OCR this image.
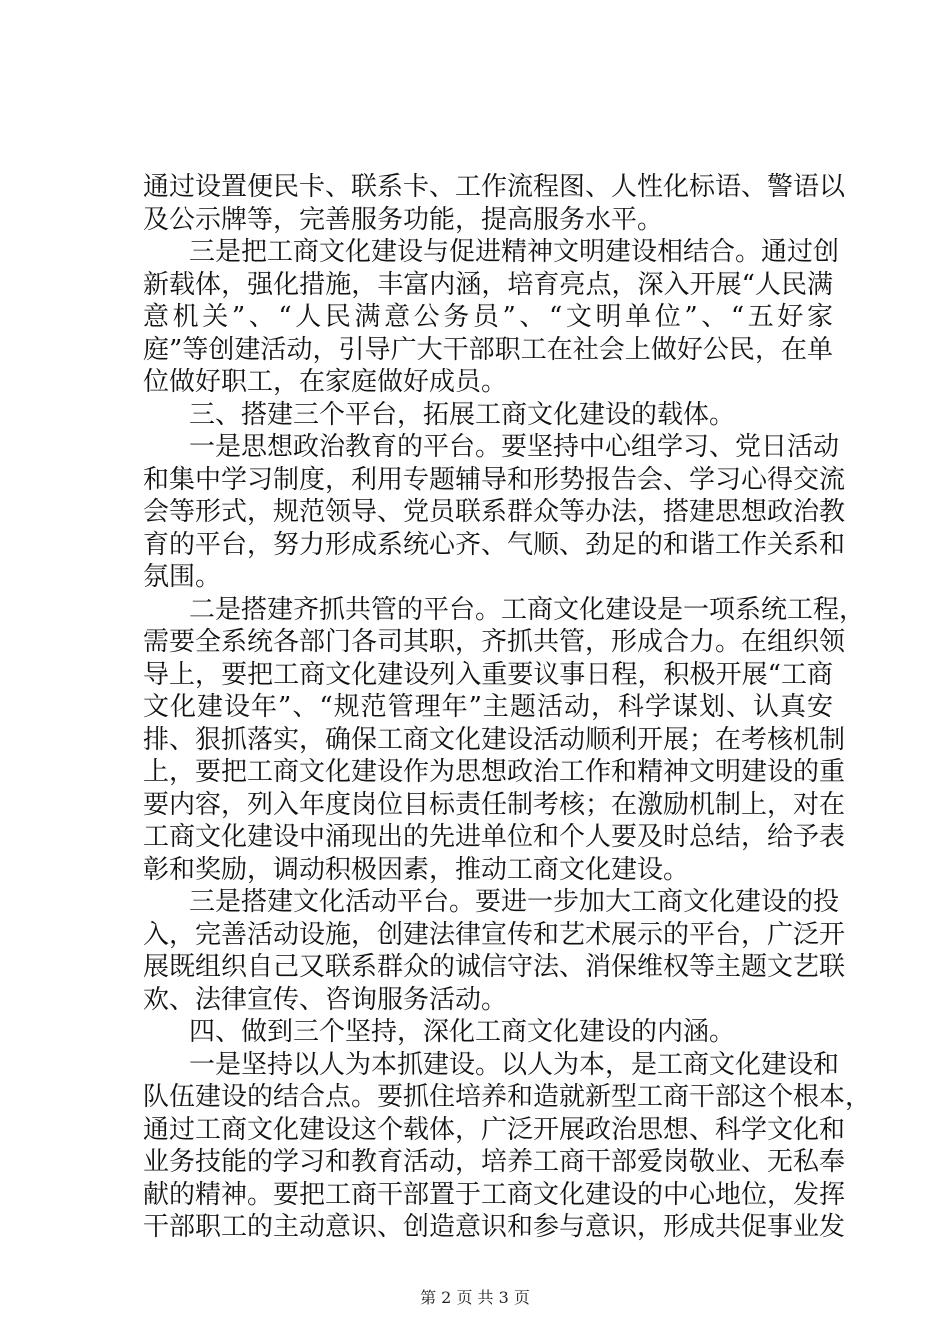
通过设置便民卡、联系卡、工作流程图、人性化标语、警语以
及公示牌等，完善服务功能，提高服务水平。
三是把工商文化建设与促进精神文明建设相结合。通过创
新载体，强化措施，丰富内涵，培育亮点，深入开展“人民满
意机关”、“人民满意公务员”、“文明单位”、“五好家
庭”等创建活动，引导广大干部职工在社会上做好公民，在单
位做好职工，在家庭做好成员。
三、搭建三个平台，拓展工商文化建设的载体。
一是思想政治教育的平台。要坚持中心组学习、党日活动
和集中学习制度，利用专题辅导和形势报告会、学习心得交流
会等形式，规范领导、党员联系群众等办法，搭建思想政治教
育的平台，努力形成系统心齐、气顺、劲足的和谐工作关系和
氛围。
二是搭建齐抓共管的平台。工商文化建设是一项系统工程，
需要全系统各部门各司其职，齐抓共管，形成合力。在组织领
导上，要把工商文化建设列入重要议事日程，积极开展“工商
文化建设年”、“规范管理年”主题活动，科学谋划、认真安
排、狠抓落实，确保工商文化建设活动顺利开展；在考核机制
上，要把工商文化建设作为思想政治工作和精神文明建设的重
要内容，列入年度岗位目标责任制考核；在激励机制上，对在
工商文化建设中涌现出的先进单位和个人要及时总结，给予表
彰和奖励，调动积极因素，推动工商文化建设。
三是搭建文化活动平台。要进一步加大工商文化建设的投
入，完善活动设施，创建法律宣传和艺术展示的平台，广泛开
展既组织自己又联系群众的诚信守法、消保维权等主题文艺联
欢、法律宣传、咨询服务活动。
四、做到三个坚持，深化工商文化建设的内涵。
一是坚持以人为本抓建设。以人为本，是工商文化建设和
队伍建设的结合点。要抓住培养和造就新型工商干部这个根本，
通过工商文化建设这个载体，广泛开展政治思想、科学文化和
业务技能的学习和教育活动，培养工商干部爱岗敬业、无私奉
献的精神。要把工商干部置于工商文化建设的中心地位，发挥
干部职工的主动意识、创造意识和参与意识，形成共促事业发
第 2 页 共 3 页
